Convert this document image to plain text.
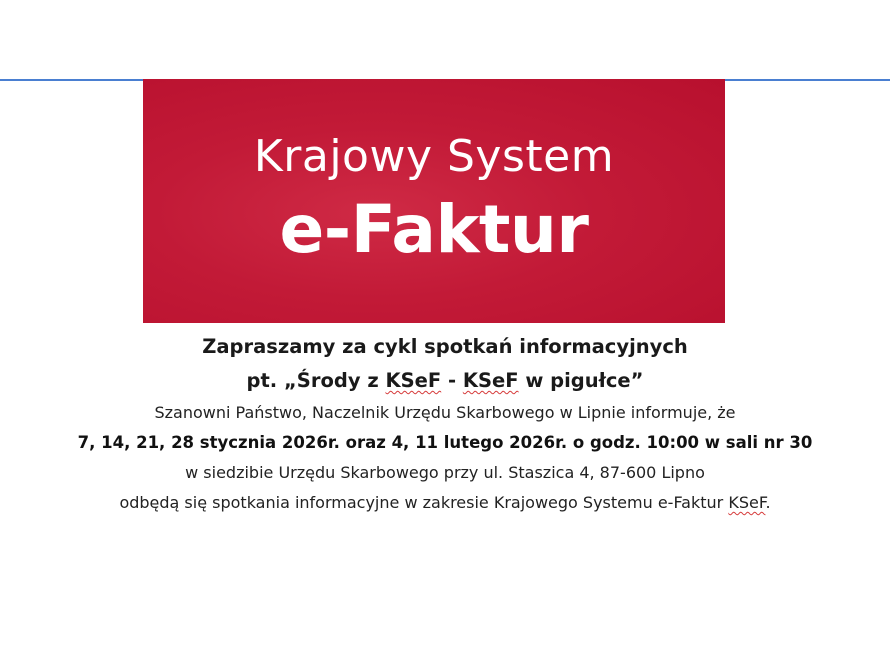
Krajowy System
e-Faktur
Zapraszamy za cykl spotkań informacyjnych
pt. „Środy z KSeF - KSeF w pigułce”
Szanowni Państwo, Naczelnik Urzędu Skarbowego w Lipnie informuje, że
7, 14, 21, 28 stycznia 2026r. oraz 4, 11 lutego 2026r. o godz. 10:00 w sali nr 30
w siedzibie Urzędu Skarbowego przy ul. Staszica 4, 87-600 Lipno
odbędą się spotkania informacyjne w zakresie Krajowego Systemu e-Faktur KSeF.
